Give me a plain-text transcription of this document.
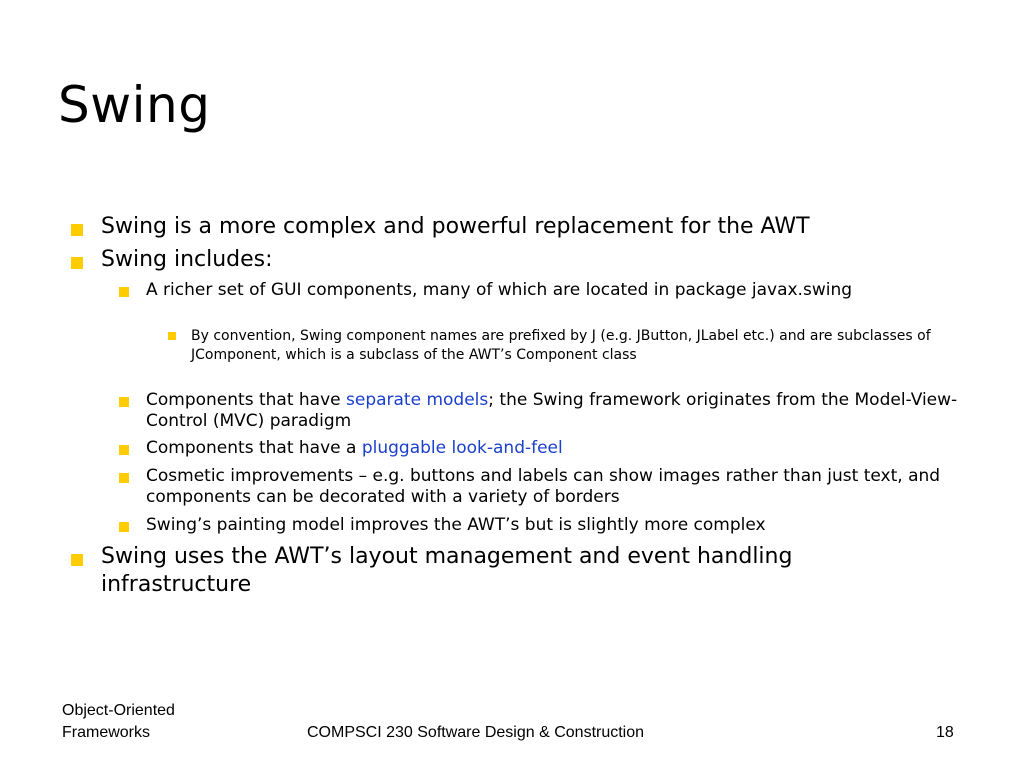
Swing
Swing is a more complex and powerful replacement for the AWT
Swing includes:
A richer set of GUI components, many of which are located in package javax.swing
By convention, Swing component names are prefixed by J (e.g. JButton, JLabel etc.) and are subclasses of JComponent, which is a subclass of the AWT’s Component class
Components that have separate models; the Swing framework originates from the Model-View-Control (MVC) paradigm
Components that have a pluggable look-and-feel
Cosmetic improvements – e.g. buttons and labels can show images rather than just text, and components can be decorated with a variety of borders
Swing’s painting model improves the AWT’s but is slightly more complex
Swing uses the AWT’s layout management and event handling infrastructure
Object-Oriented Frameworks	COMPSCI 230 Software Design & Construction	18
